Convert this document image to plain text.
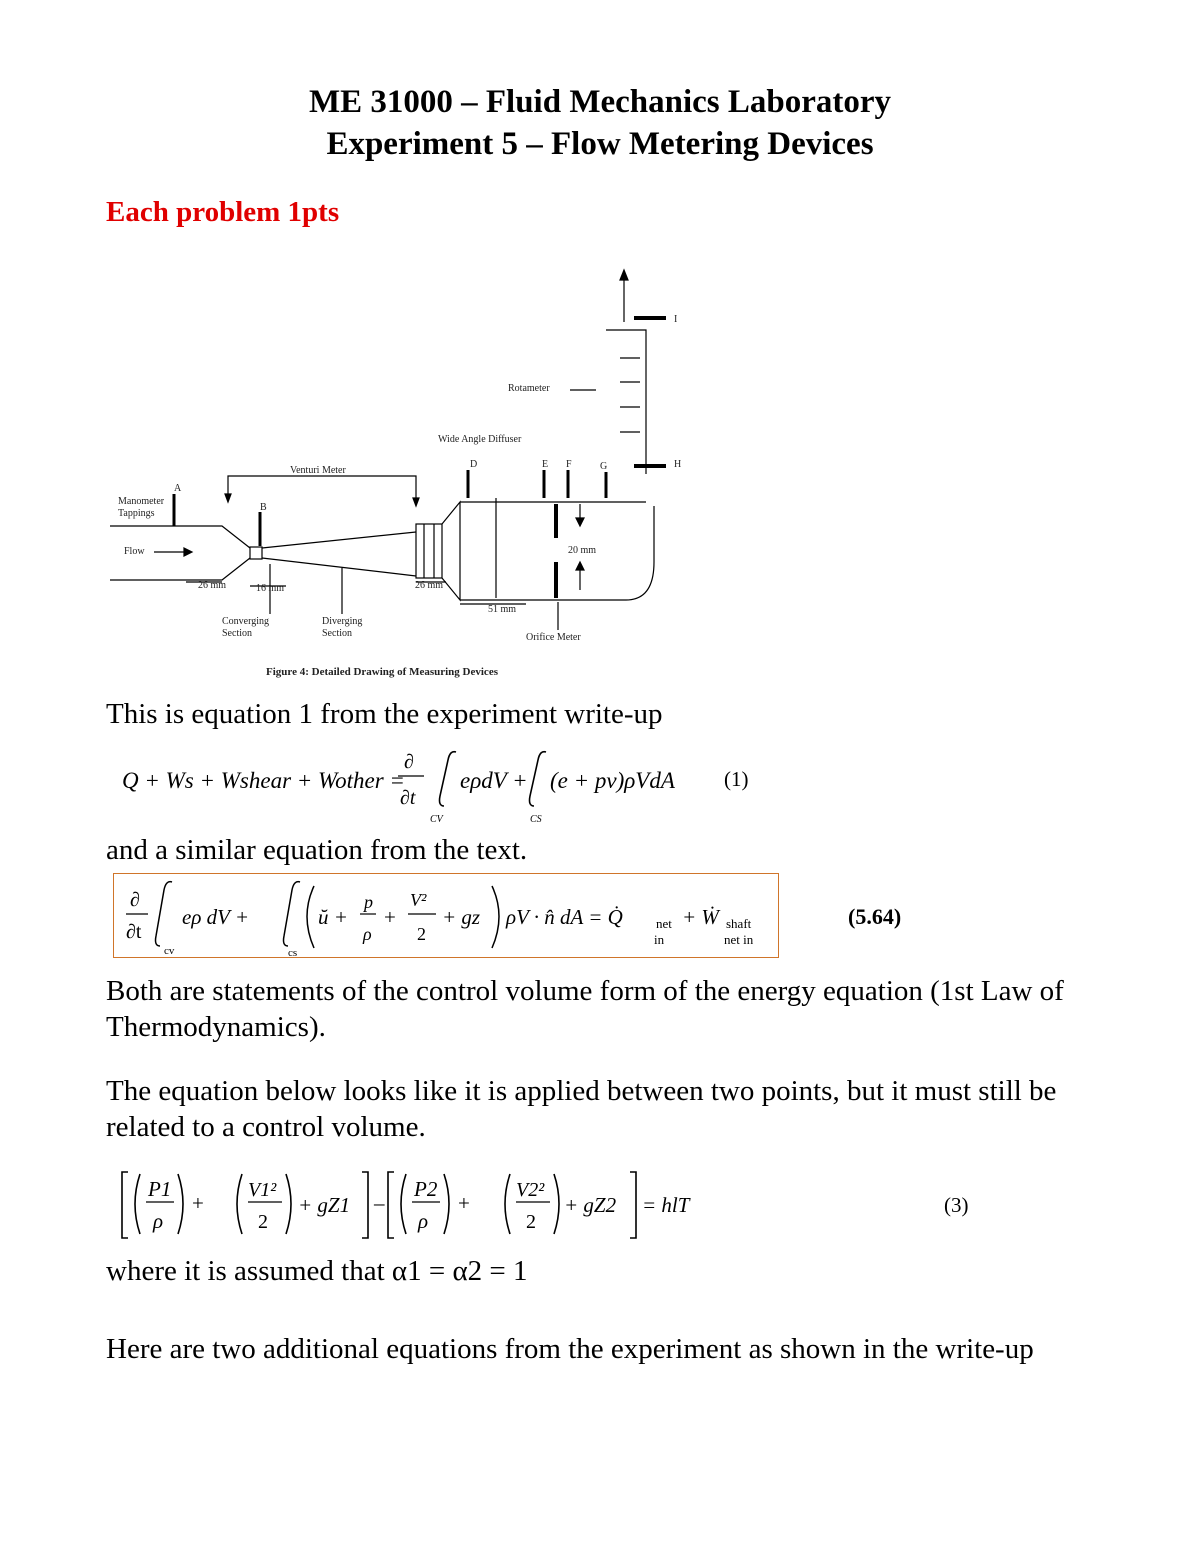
ME 31000 – Fluid Mechanics Laboratory
Experiment 5 – Flow Metering Devices
Each problem 1pts
Rotameter
Wide Angle Diffuser
Venturi Meter
Manometer
Tappings
Flow
26 mm	16 mm	26 mm
51 mm
20 mm
Converging
Section
Diverging
Section	Orifice Meter
A
B
D	E F	G	H
I
Figure 4: Detailed Drawing of Measuring Devices
This is equation 1 from the experiment write-up
Q + Ws + Wshear + Wother =
∂
∂t
eρdV + (e + pv)ρVdA
CV	CS
(1)
and a similar equation from the text.
∂
∂t
cv
eρ dV +
cs
ŭ +
p
ρ
+
V²
2
+ gz ρV · n̂ dA = Q̇	net
in
+ Ẇ shaft
net in
(5.64)
Both are statements of the control volume form of the energy equation (1st Law of Thermodynamics).
The equation below looks like it is applied between two points, but it must still be related to a control volume.
P1
ρ
+
V1²
2
+ gZ1 –
P2
ρ
+
V2²
2
+ gZ2 = hlT	(3)
where it is assumed that α1 = α2 = 1
Here are two additional equations from the experiment as shown in the write-up
